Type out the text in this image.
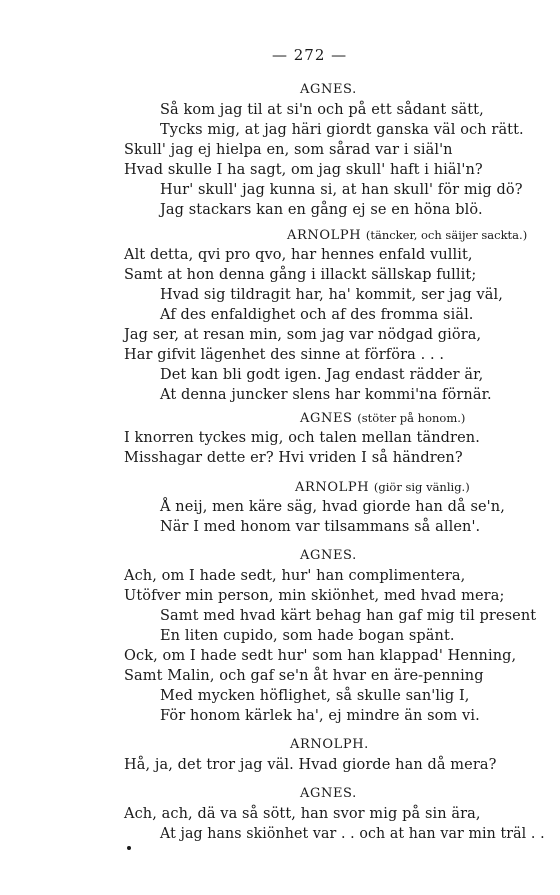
— 272 —
AGNES.
Så kom jag til at si'n och på ett sådant sätt,
Tycks mig, at jag häri giordt ganska väl och rätt.
Skull' jag ej hielpa en, som sårad var i siäl'n
Hvad skulle I ha sagt, om jag skull' haft i hiäl'n?
Hur' skull' jag kunna si, at han skull' för mig dö?
Jag stackars kan en gång ej se en höna blö.
ARNOLPH (täncker, och säijer sackta.)
Alt detta, qvi pro qvo, har hennes enfald vullit,
Samt at hon denna gång i illackt sällskap fullit;
Hvad sig tildragit har, ha' kommit, ser jag väl,
Af des enfaldighet och af des fromma siäl.
Jag ser, at resan min, som jag var nödgad giöra,
Har gifvit lägenhet des sinne at förföra . . .
Det kan bli godt igen. Jag endast rädder är,
At denna juncker slens har kommi'na förnär.
AGNES (stöter på honom.)
I knorren tyckes mig, och talen mellan tändren.
Misshagar dette er? Hvi vriden I så händren?
ARNOLPH (giör sig vänlig.)
Å neij, men käre säg, hvad giorde han då se'n,
När I med honom var tilsammans så allen'.
AGNES.
Ach, om I hade sedt, hur' han complimentera,
Utöfver min person, min skiönhet, med hvad mera;
Samt med hvad kärt behag han gaf mig til present
En liten cupido, som hade bogan spänt.
Ock, om I hade sedt hur' som han klappad' Henning,
Samt Malin, och gaf se'n åt hvar en äre-penning
Med mycken höflighet, så skulle san'lig I,
För honom kärlek ha', ej mindre än som vi.
ARNOLPH.
Hå, ja, det tror jag väl. Hvad giorde han då mera?
AGNES.
Ach, ach, dä va så sött, han svor mig på sin ära,
At jag hans skiönhet var . . och at han var min träl . .
